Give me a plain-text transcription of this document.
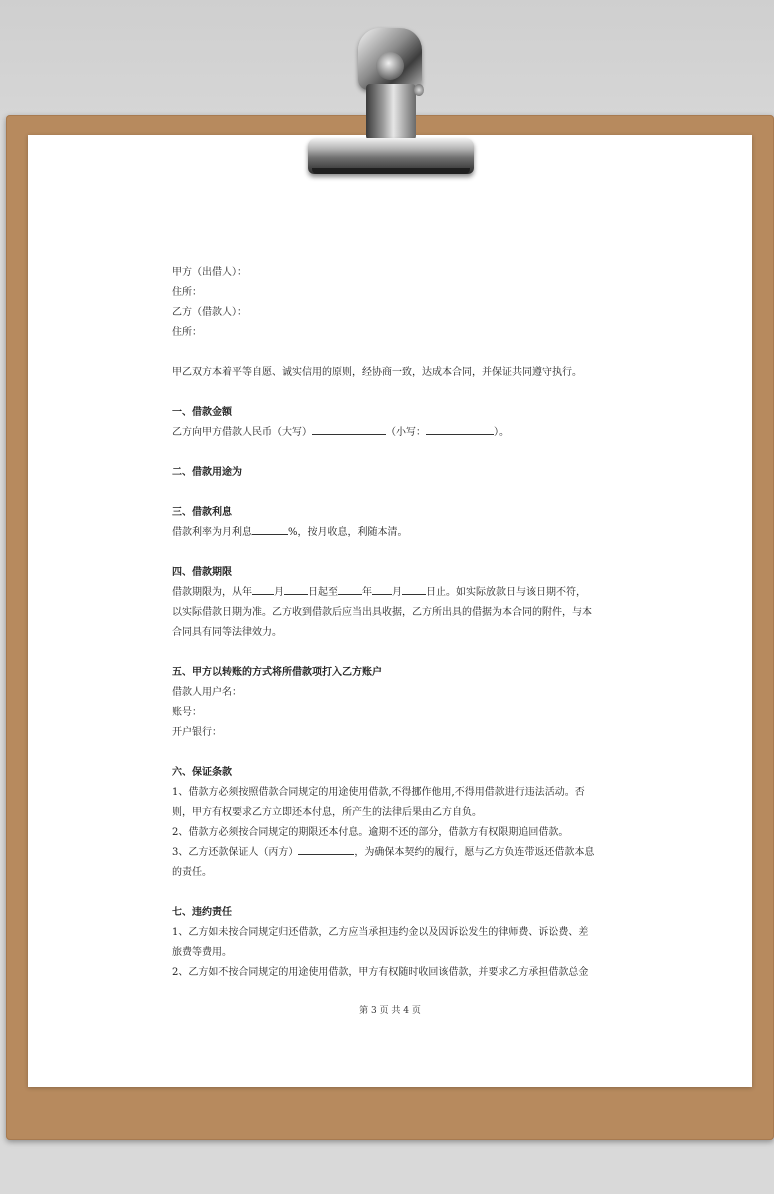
甲方（出借人）：

住所：

乙方（借款人）：

住所：

甲乙双方本着平等自愿、诚实信用的原则，经协商一致，达成本合同，并保证共同遵守执行。

一、借款金额

乙方向甲方借款人民币（大写）	（小写：	）。

二、借款用途为

三、借款利息

借款利率为月利息	%，按月收息，利随本清。

四、借款期限

借款期限为，从年 月 日起至 年 月 日止。如实际放款日与该日期不符，

以实际借款日期为准。乙方收到借款后应当出具收据，乙方所出具的借据为本合同的附件，与本

合同具有同等法律效力。

五、甲方以转账的方式将所借款项打入乙方账户

借款人用户名：

账号：

开户银行：

六、保证条款

1、借款方必须按照借款合同规定的用途使用借款,不得挪作他用,不得用借款进行违法活动。否

则，甲方有权要求乙方立即还本付息，所产生的法律后果由乙方自负。

2、借款方必须按合同规定的期限还本付息。逾期不还的部分，借款方有权限期追回借款。

3、乙方还款保证人（丙方）	，为确保本契约的履行，愿与乙方负连带返还借款本息

的责任。

七、违约责任

1、乙方如未按合同规定归还借款，乙方应当承担违约金以及因诉讼发生的律师费、诉讼费、差

旅费等费用。

2、乙方如不按合同规定的用途使用借款，甲方有权随时收回该借款，并要求乙方承担借款总金

第 3 页 共 4 页
